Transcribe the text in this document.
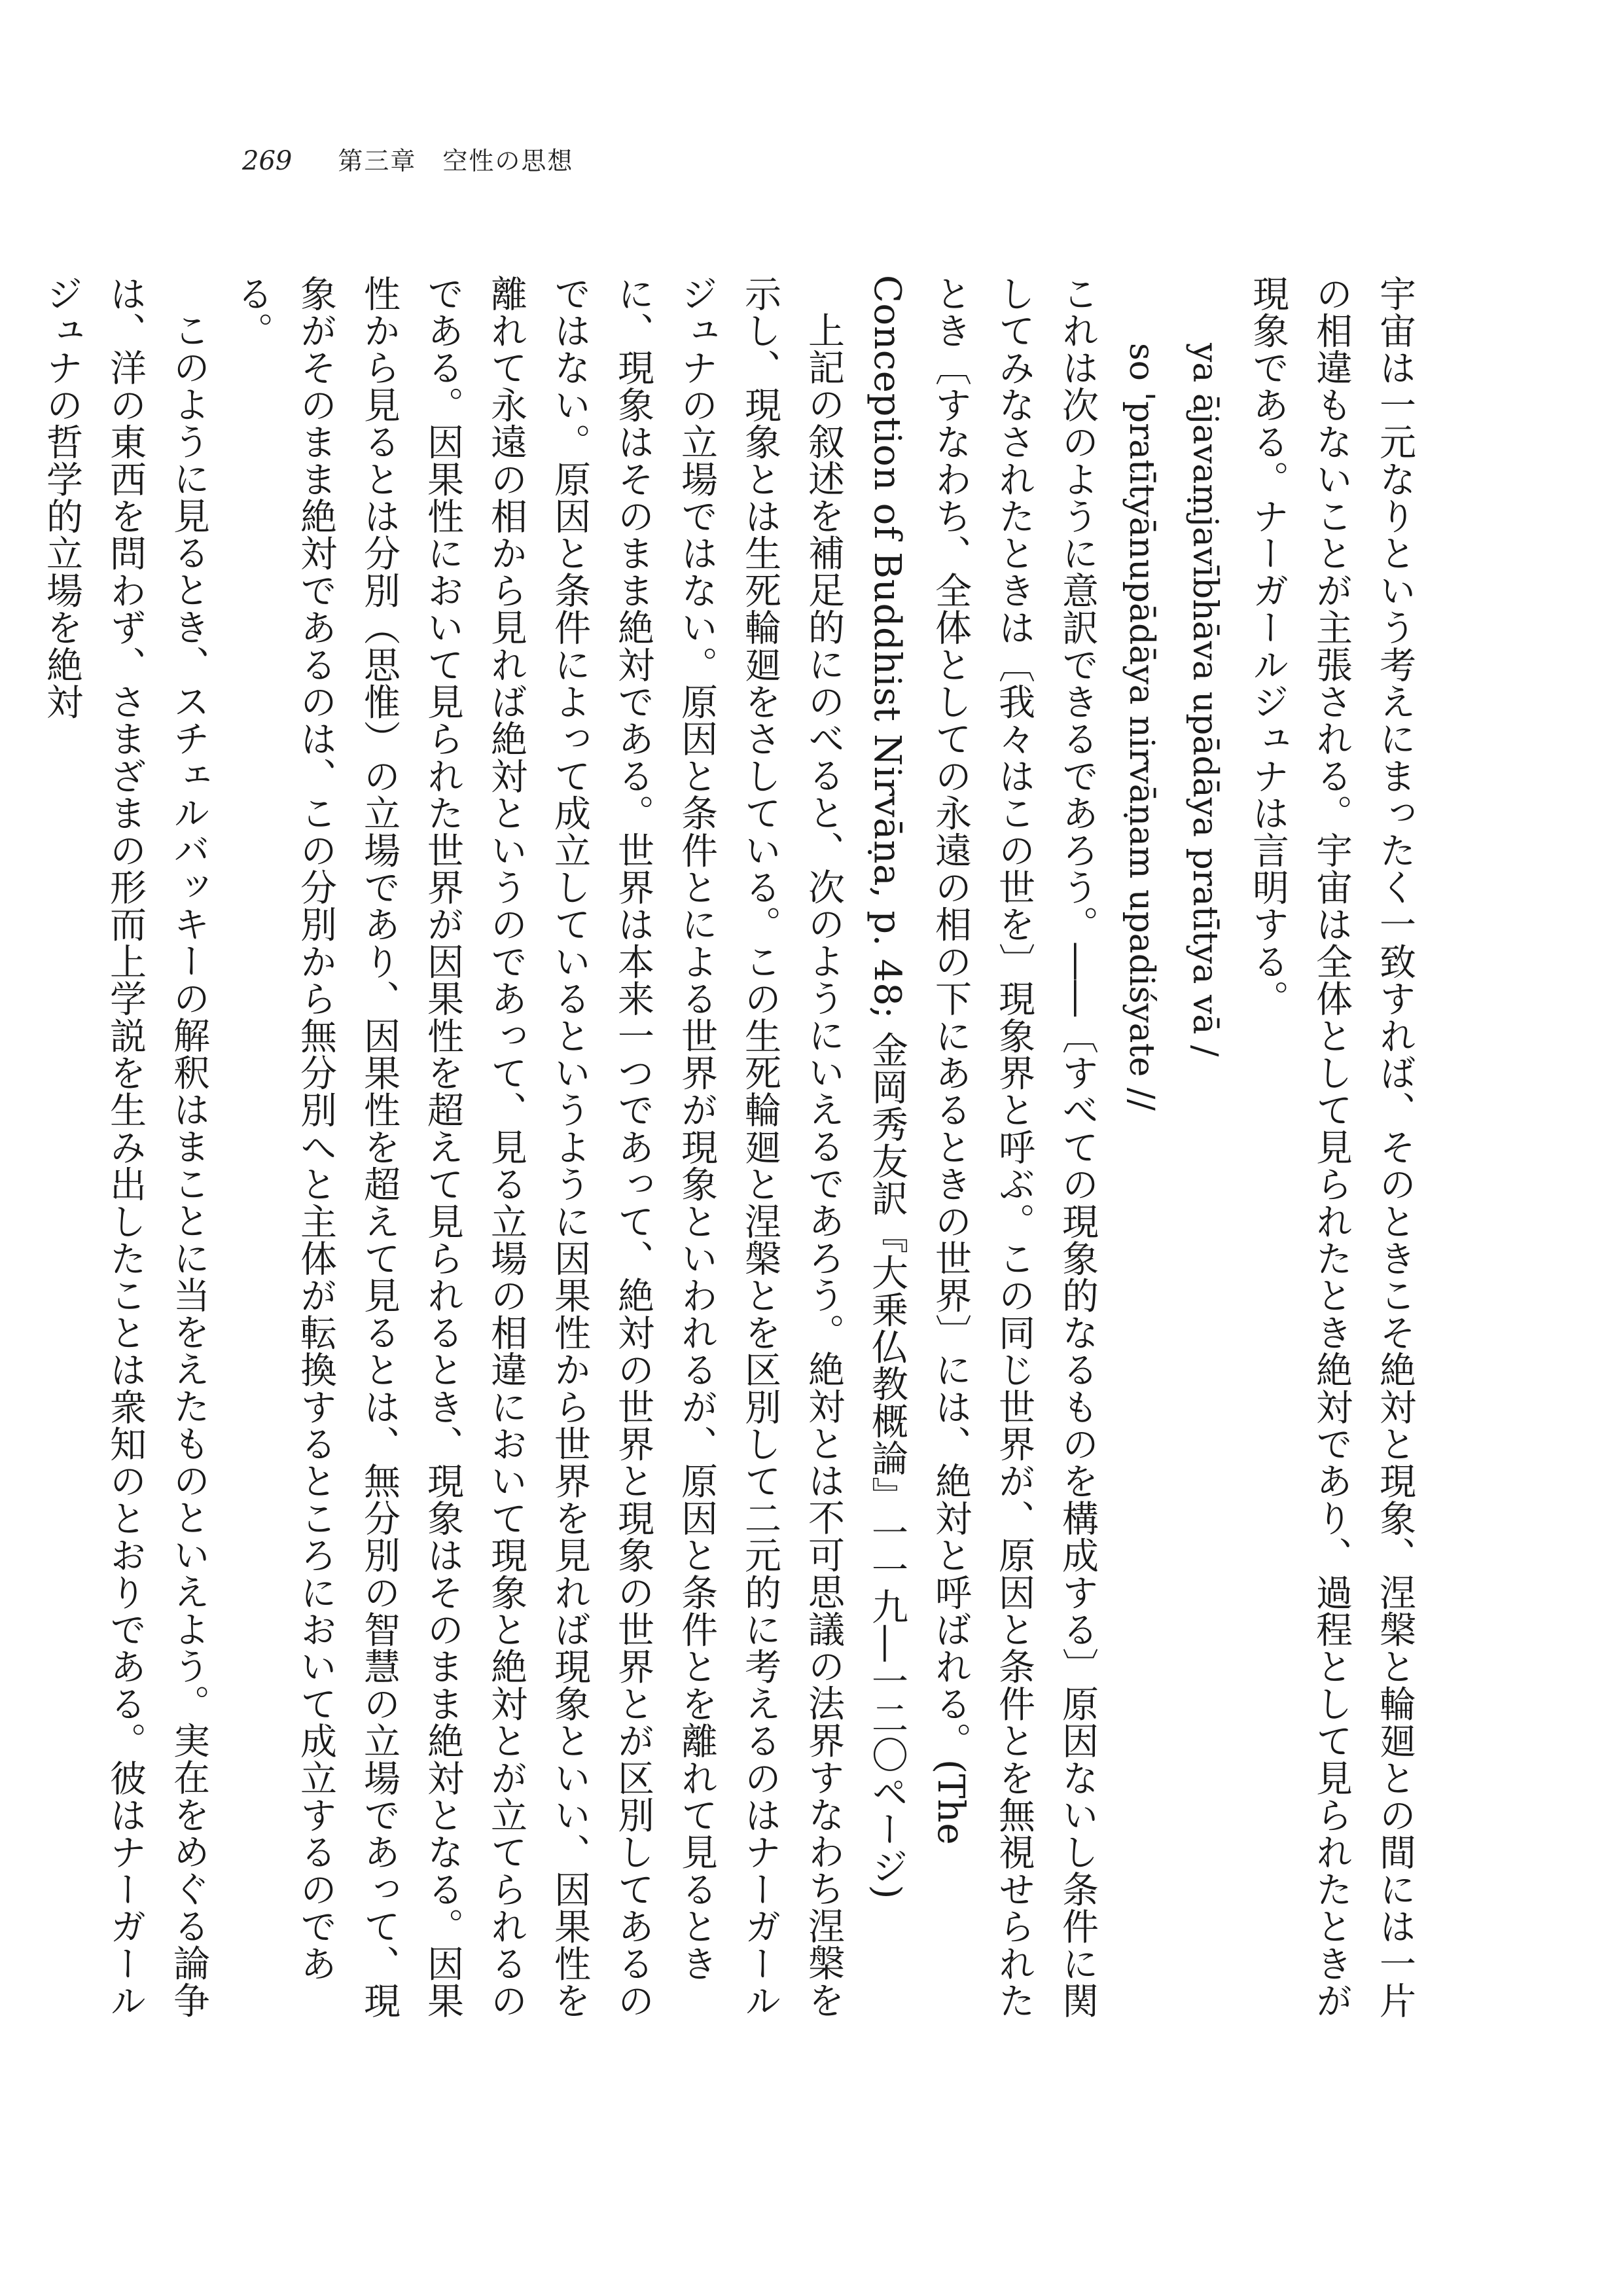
269 第三章　空性の思想

宇宙は一元なりという考えにまったく一致すれば、そのときこそ絶対と現象、涅槃と輪廻との間には一片の相違もないことが主張される。宇宙は全体として見られたとき絶対であり、過程として見られたときが現象である。ナーガールジュナは言明する。

ya ājavaṃjavībhāva upādāya pratītya vā /

so 'pratītyānupādāya nirvāṇam upadiśyate //

これは次のように意訳できるであろう。――〔すべての現象的なるものを構成する〕原因ないし条件に関してみなされたときは〔我々はこの世を〕現象界と呼ぶ。この同じ世界が、原因と条件とを無視せられたとき〔すなわち、全体としての永遠の相の下にあるときの世界〕には、絶対と呼ばれる。(The Conception of Buddhist Nirvāṇa, p. 48; 金岡秀友訳『大乗仏教概論』一一九―一二〇ページ)

上記の叙述を補足的にのべると、次のようにいえるであろう。絶対とは不可思議の法界すなわち涅槃を示し、現象とは生死輪廻をさしている。この生死輪廻と涅槃とを区別して二元的に考えるのはナーガールジュナの立場ではない。原因と条件とによる世界が現象といわれるが、原因と条件とを離れて見るときに、現象はそのまま絶対である。世界は本来一つであって、絶対の世界と現象の世界とが区別してあるのではない。原因と条件によって成立しているというように因果性から世界を見れば現象といい、因果性を離れて永遠の相から見れば絶対というのであって、見る立場の相違において現象と絶対とが立てられるのである。因果性において見られた世界が因果性を超えて見られるとき、現象はそのまま絶対となる。因果性から見るとは分別（思惟）の立場であり、因果性を超えて見るとは、無分別の智慧の立場であって、現象がそのまま絶対であるのは、この分別から無分別へと主体が転換するところにおいて成立するのである。

このように見るとき、スチェルバッキーの解釈はまことに当をえたものといえよう。実在をめぐる論争は、洋の東西を問わず、さまざまの形而上学説を生み出したことは衆知のとおりである。彼はナーガールジュナの哲学的立場を絶対
